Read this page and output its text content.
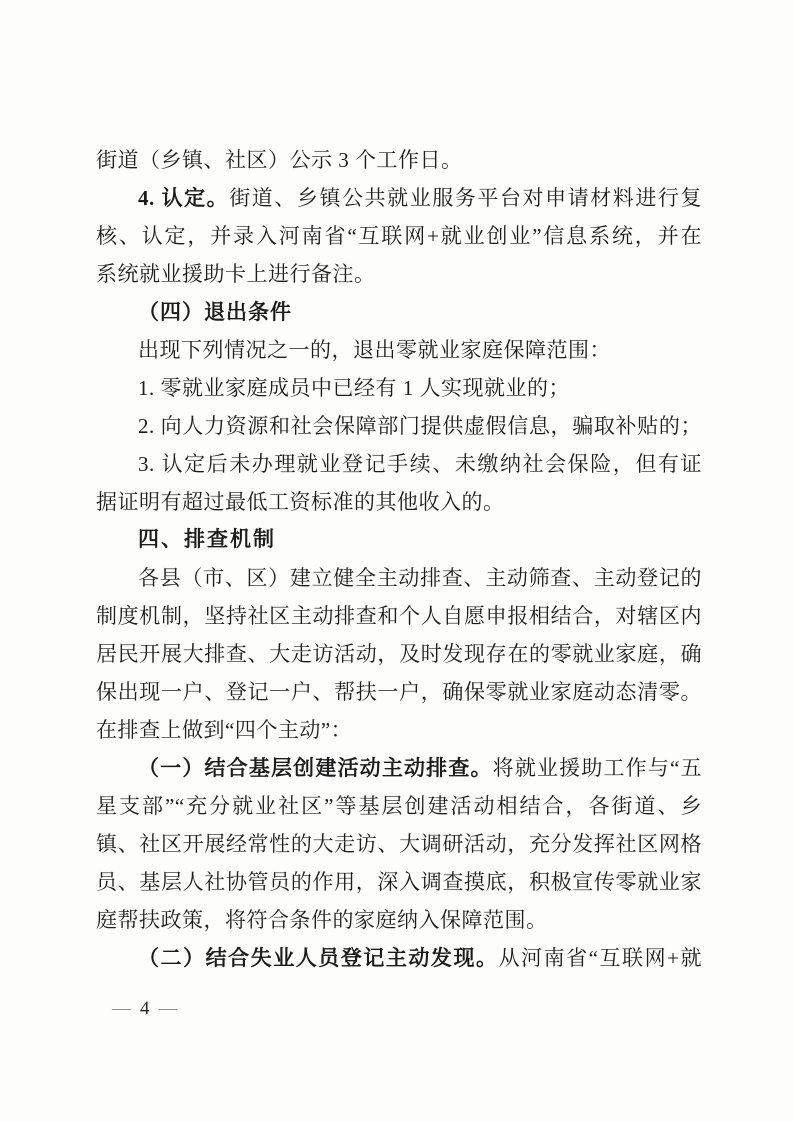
街道（乡镇、社区）公示 3 个工作日。
4. 认定。街道、乡镇公共就业服务平台对申请材料进行复
核、认定，并录入河南省“互联网+就业创业”信息系统，并在
系统就业援助卡上进行备注。
（四）退出条件
出现下列情况之一的，退出零就业家庭保障范围：
1. 零就业家庭成员中已经有 1 人实现就业的；
2. 向人力资源和社会保障部门提供虚假信息，骗取补贴的；
3. 认定后未办理就业登记手续、未缴纳社会保险，但有证
据证明有超过最低工资标准的其他收入的。
四、排查机制
各县（市、区）建立健全主动排查、主动筛查、主动登记的
制度机制，坚持社区主动排查和个人自愿申报相结合，对辖区内
居民开展大排查、大走访活动，及时发现存在的零就业家庭，确
保出现一户、登记一户、帮扶一户，确保零就业家庭动态清零。
在排查上做到“四个主动”：
（一）结合基层创建活动主动排查。将就业援助工作与“五
星支部”“充分就业社区”等基层创建活动相结合，各街道、乡
镇、社区开展经常性的大走访、大调研活动，充分发挥社区网格
员、基层人社协管员的作用，深入调查摸底，积极宣传零就业家
庭帮扶政策，将符合条件的家庭纳入保障范围。
（二）结合失业人员登记主动发现。从河南省“互联网+就
— 4 —
